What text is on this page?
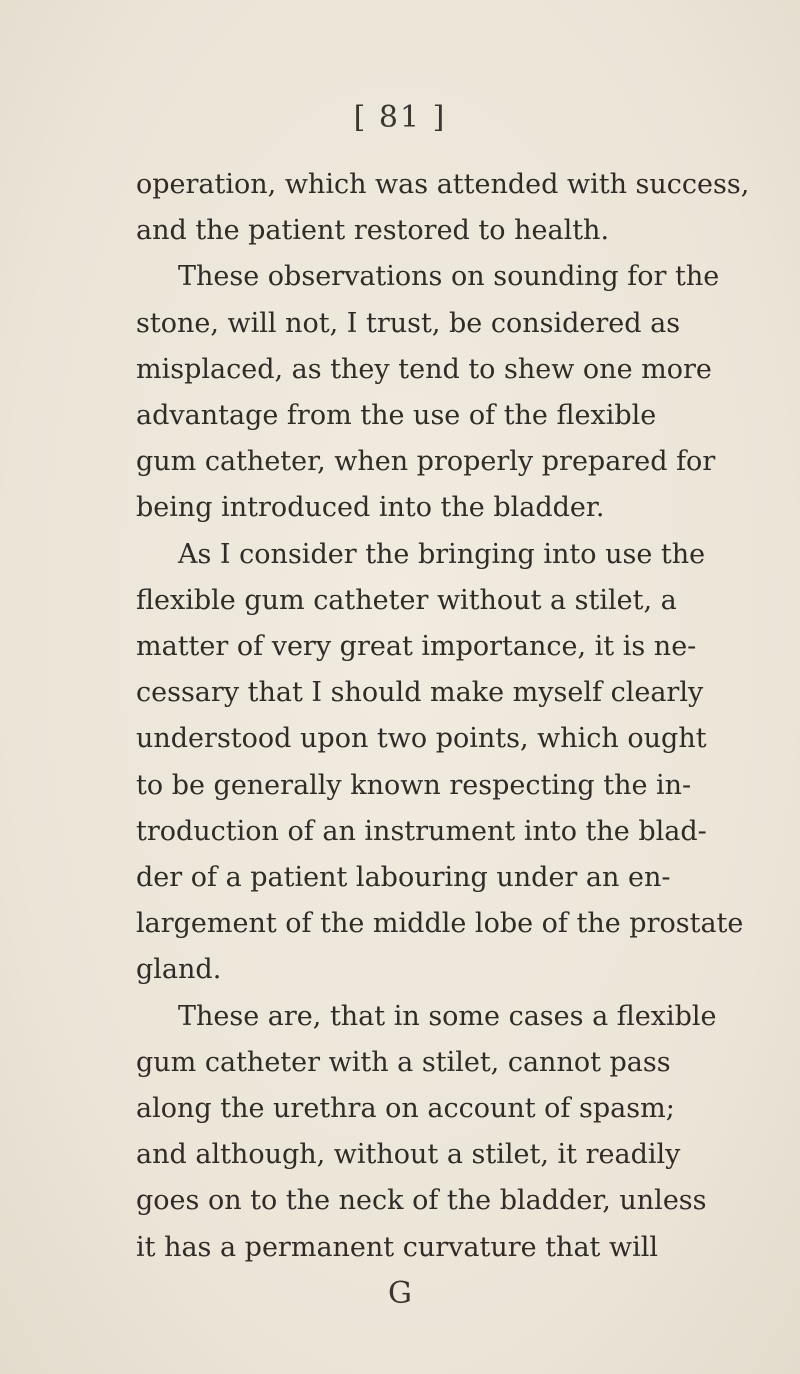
[ 81 ]
operation, which was attended with success,
and the patient restored to health.
These observations on sounding for the
stone, will not, I trust, be considered as
misplaced, as they tend to shew one more
advantage from the use of the flexible
gum catheter, when properly prepared for
being introduced into the bladder.
As I consider the bringing into use the
flexible gum catheter without a stilet, a
matter of very great importance, it is ne-
cessary that I should make myself clearly
understood upon two points, which ought
to be generally known respecting the in-
troduction of an instrument into the blad-
der of a patient labouring under an en-
largement of the middle lobe of the prostate
gland.
These are, that in some cases a flexible
gum catheter with a stilet, cannot pass
along the urethra on account of spasm;
and although, without a stilet, it readily
goes on to the neck of the bladder, unless
it has a permanent curvature that will
G
